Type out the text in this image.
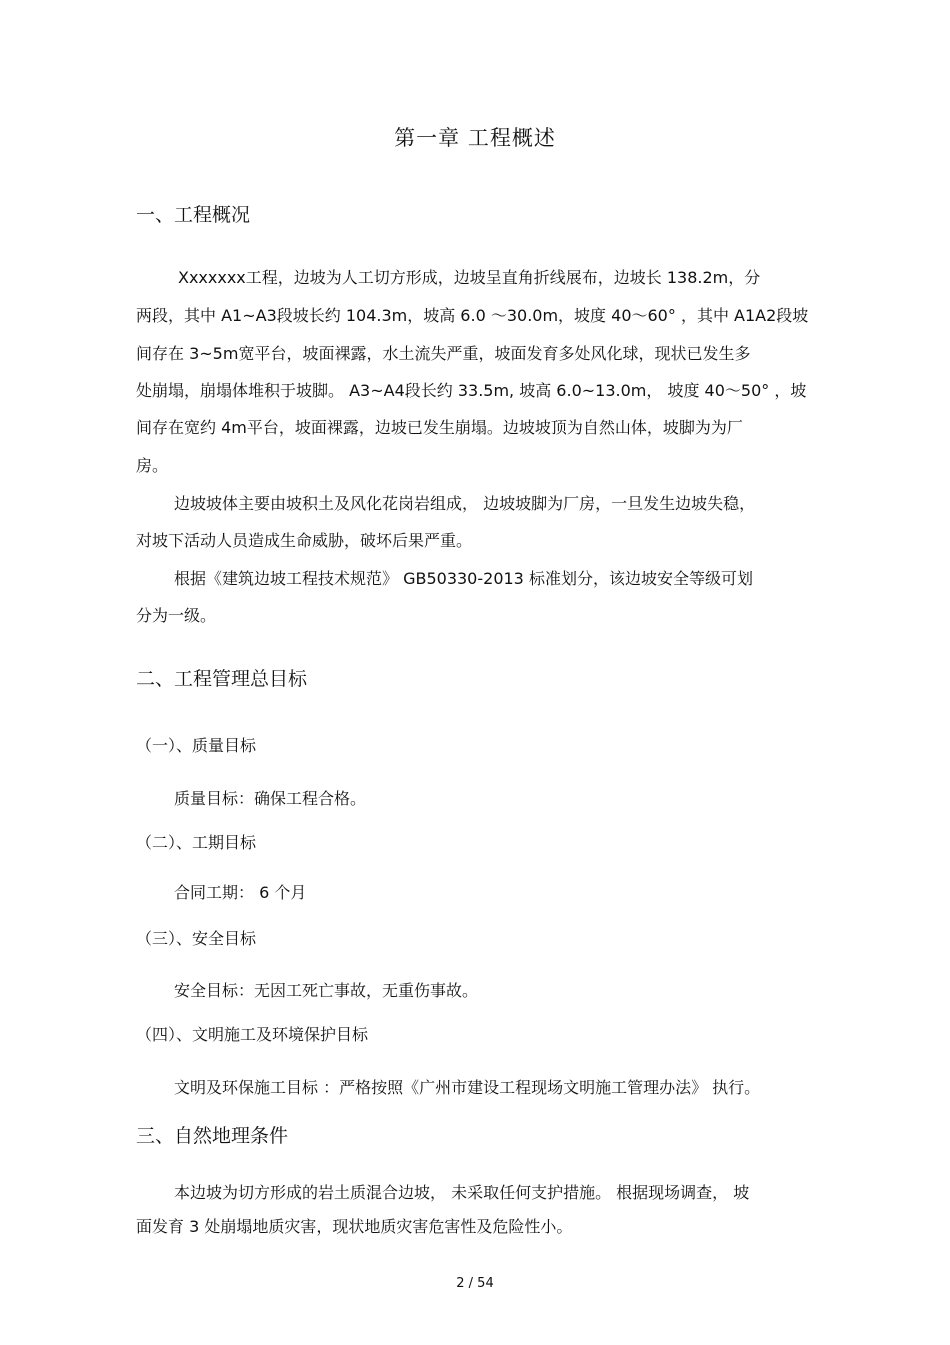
第一章 工程概述
一、工程概况
Xxxxxxx工程，边坡为人工切方形成，边坡呈直角折线展布，边坡长 138.2m，分
两段，其中 A1~A3段坡长约 104.3m，坡高 6.0 ～30.0m，坡度 40～60° ，其中 A1A2段坡
间存在 3~5m宽平台，坡面裸露，水土流失严重，坡面发育多处风化球，现状已发生多
处崩塌，崩塌体堆积于坡脚。 A3~A4段长约 33.5m, 坡高 6.0~13.0m， 坡度 40～50° ，坡
间存在宽约 4m平台，坡面裸露，边坡已发生崩塌。边坡坡顶为自然山体，坡脚为为厂
房。
边坡坡体主要由坡积土及风化花岗岩组成， 边坡坡脚为厂房，一旦发生边坡失稳，
对坡下活动人员造成生命威胁，破坏后果严重。
根据《建筑边坡工程技术规范》 GB50330-2013 标准划分，该边坡安全等级可划
分为一级。
二、工程管理总目标
（一）、质量目标
质量目标：确保工程合格。
（二）、工期目标
合同工期： 6 个月
（三）、安全目标
安全目标：无因工死亡事故，无重伤事故。
（四）、文明施工及环境保护目标
文明及环保施工目标 ：严格按照《广州市建设工程现场文明施工管理办法》 执行。
三、自然地理条件
本边坡为切方形成的岩土质混合边坡， 未采取任何支护措施。 根据现场调查， 坡
面发育 3 处崩塌地质灾害，现状地质灾害危害性及危险性小。
2 / 54
